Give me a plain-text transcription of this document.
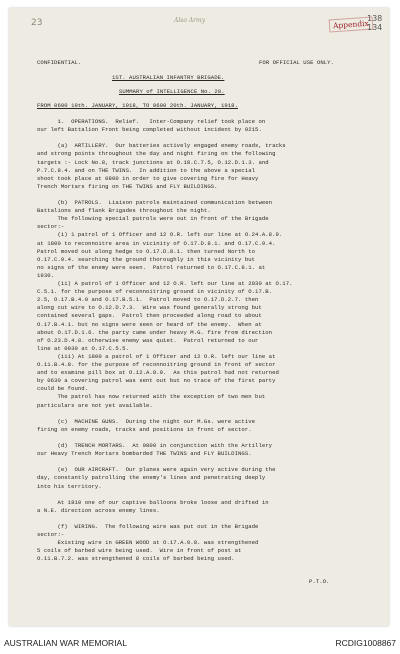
23	Also Army	Appendix
138
134
CONFIDENTIAL.	FOR OFFICIAL USE ONLY.
1ST. AUSTRALIAN INFANTRY BRIGADE.
SUMMARY of INTELLIGENCE No. 20.
FROM 0600 19th. JANUARY, 1918, TO 0600 20th. JANUARY, 1918.
1.  OPERATIONS.  Relief.   Inter-Company relief took place on
our left Battalion Front being completed without incident by 0215.
(a)  ARTILLERY.  Our batteries actively engaged enemy roads, tracks
and strong points throughout the day and night firing on the following
targets :- Lock No.8, track junctions at O.18.C.7.5, O.12.D.1.3. and
P.7.C.8.4. and on THE TWINS.  In addition to the above a special
shoot took place at 0800 in order to give covering fire for Heavy
Trench Mortars firing on THE TWINS and FLY BUILDINGS.
(b)  PATROLS.  Liaison patrols maintained communication between
Battalions and flank Brigades throughout the night.
The following special patrols were out in front of the Brigade
sector:-
(i) 1 patrol of 1 Officer and 12 O.R. left our line at O.24.A.8.9.
at 1800 to reconnoitre area in vicinity of O.17.D.8.1. and O.17.C.9.4.
Patrol moved out along hedge to O.17.D.8.1. then turned North to
O.17.C.9.4. searching the ground thoroughly in this vicinity but
no signs of the enemy were seen.  Patrol returned to O.17.C.8.1. at
1930.
(ii) A patrol of 1 Officer and 12 O.R. left our line at 2030 at O.17.
C.5.1. for the purpose of reconnoitring ground in vicinity of O.17.B.
2.5, O.17.B.4.0 and O.17.B.5.1.  Patrol moved to O.17.D.2.7. then
along cut wire to O.12.D.7.3.  Wire was found generally strong but
contained several gaps.  Patrol then proceeded along road to about
O.17.B.4.1. but no signs were seen or heard of the enemy.  When at
about O.17.D.1.6. the party came under heavy M.G. fire from direction
of O.23.D.4.8. otherwise enemy was quiet.  Patrol returned to our
line at 0030 at O.17.C.5.5.
(iii) At 1800 a patrol of 1 Officer and 12 O.R. left our line at
O.11.B.4.8. for the purpose of reconnoitring ground in front of sector
and to examine pill box at O.12.A.8.9.  As this patrol had not returned
by 0630 a covering patrol was sent out but no trace of the first party
could be found.
The patrol has now returned with the exception of two men but
particulars are not yet available.
(c)  MACHINE GUNS.  During the night our M.Gs. were active
firing on enemy roads, tracks and positions in front of sector.
(d)  TRENCH MORTARS.  At 0800 in conjunction with the Artillery
our Heavy Trench Mortars bombarded THE TWINS and FLY BUILDINGS.
(e)  OUR AIRCRAFT.  Our planes were again very active during the
day, constantly patrolling the enemy's lines and penetrating deeply
into his territory.
At 1810 one of our captive balloons broke loose and drifted in
a N.E. direction across enemy lines.
(f)  WIRING.  The following wire was put out in the Brigade
sector:-
Existing wire in GREEN WOOD at O.17.A.9.8. was strengthened
5 coils of barbed wire being used.  Wire in front of post at
O.11.B.7.2. was strengthened 8 coils of barbed being used.
P.T.O.
AUSTRALIAN WAR MEMORIAL	RCDIG1008867
